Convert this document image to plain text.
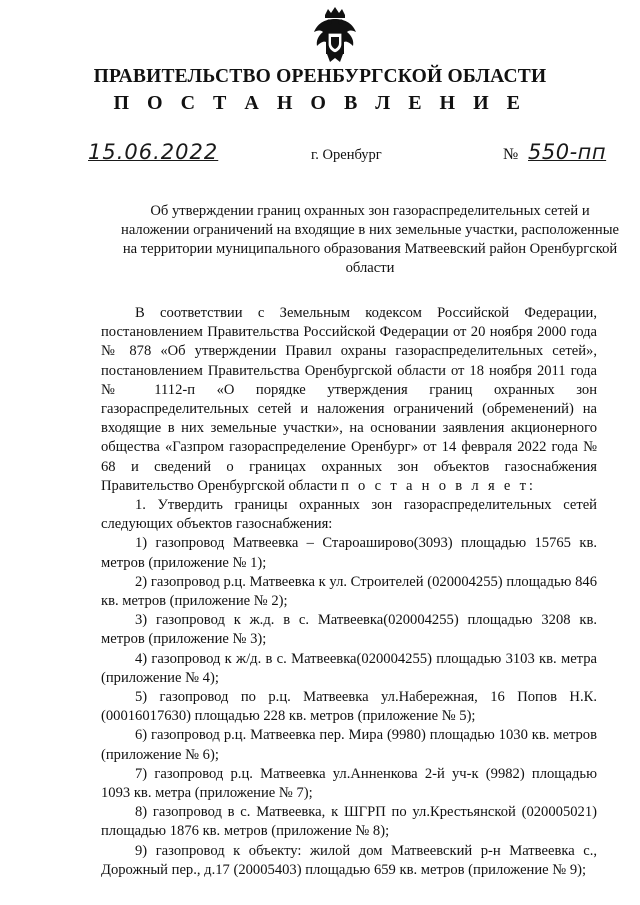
ПРАВИТЕЛЬСТВО ОРЕНБУРГСКОЙ ОБЛАСТИ
П О С Т А Н О В Л Е Н И Е
15.06.2022	г. Оренбург	№ 550-пп
Об утверждении границ охранных зон газораспределительных сетей и наложении ограничений на входящие в них земельные участки, расположенные на территории муниципального образования Матвеевский район Оренбургской области

В соответствии с Земельным кодексом Российской Федерации, постановлением Правительства Российской Федерации от 20 ноября 2000 года № 878 «Об утверждении Правил охраны газораспределительных сетей», постановлением Правительства Оренбургской области от 18 ноября 2011 года № 1112-п «О порядке утверждения границ охранных зон газораспределительных сетей и наложения ограничений (обременений) на входящие в них земельные участки», на основании заявления акционерного общества «Газпром газораспределение Оренбург» от 14 февраля 2022 года № 68 и сведений о границах охранных зон объектов газоснабжения Правительство Оренбургской области п о с т а н о в л я е т:

1. Утвердить границы охранных зон газораспределительных сетей следующих объектов газоснабжения:

1) газопровод Матвеевка – Староаширово(3093) площадью 15765 кв. метров (приложение № 1);

2) газопровод р.ц. Матвеевка к ул. Строителей (020004255) площадью 846 кв. метров (приложение № 2);

3) газопровод к ж.д. в с. Матвеевка(020004255) площадью 3208 кв. метров (приложение № 3);

4) газопровод к ж/д. в с. Матвеевка(020004255) площадью 3103 кв. метра (приложение № 4);

5) газопровод по р.ц. Матвеевка ул.Набережная, 16 Попов Н.К. (00016017630) площадью 228 кв. метров (приложение № 5);

6) газопровод р.ц. Матвеевка пер. Мира (9980) площадью 1030 кв. метров (приложение № 6);

7) газопровод р.ц. Матвеевка ул.Анненкова 2-й уч-к (9982) площадью 1093 кв. метра (приложение № 7);

8) газопровод в с. Матвеевка, к ШГРП по ул.Крестьянской (020005021) площадью 1876 кв. метров (приложение № 8);

9) газопровод к объекту: жилой дом Матвеевский р-н Матвеевка с., Дорожный пер., д.17 (20005403) площадью 659 кв. метров (приложение № 9);
